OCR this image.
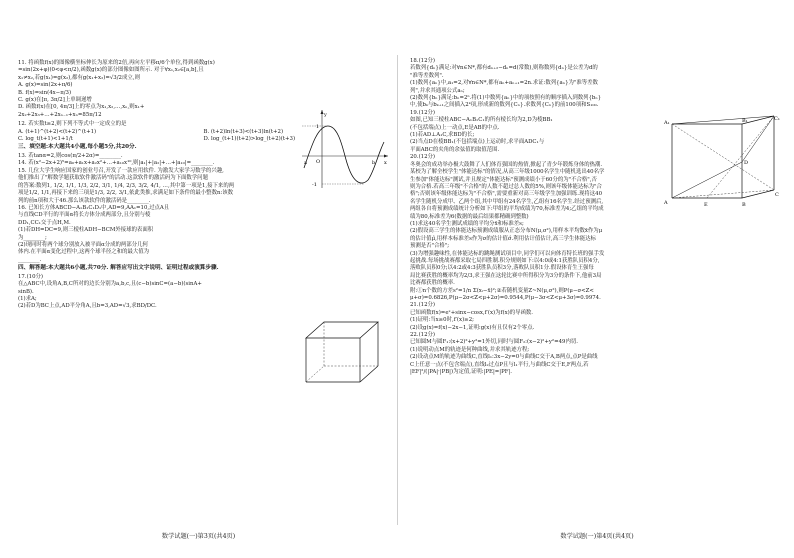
11. 将函数f(x)的图像横坐标伸长为原来的2倍,再向左平移π/6个单位,得到函数g(x)

=sin(2x+φ)(0<φ<π/2),函数g(x)的部分图像如图所示. 对于∀x₁,x₂∈[a,b],且

x₁≠x₂,若g(x₁)=g(x₂),都有g(x₁+x₂)=√3/2成立,则

A. g(x)=sin(2x+π/6)

B. f(x)=sin(4x−π/3)

C. g(x)在[π, 3π/2]上单调递增

D. 函数f(x)在[0, 4π/3]上的零点为x₁,x₂,…,xₙ,则x₁+

2x₂+2x₃+…+2xₙ₋₁+xₙ=85π/12

x
y
O
1
-1
a	b

12. 若实数t≥2,则下列不等式中一定成立的是

A. (t+1)^(t+2)<(t+2)^(t+1)	B. (t+2)ln(t+3)<(t+3)ln(t+2)
C. log_t(t+1)<1+1/t	D. log_(t+1)(t+2)>log_(t+2)(t+3)

三、填空题:本大题共4小题,每小题5分,共20分.

13. 若tanα=2,则cos(π/2+2α)=________.

14. 若(x²−2x+2)⁵=a₀+a₁x+a₂x²+…+a₁₀x¹⁰,则|a₁|+|a₂|+…+|a₁₀|=________.

15. 几位大学生响应国家的创业号召,开发了一款应用软件. 为激发大家学习数学的兴趣,

他们推出了"解数学题获取软件激活码"的活动.这款软件的激活码为下面数学问题

的答案:数列1, 1/2, 1/1, 1/3, 2/2, 3/1, 1/4, 2/3, 3/2, 4/1, …,其中第一项是1,接下来的两

项是1/2, 1/1,再接下来的三项是1/3, 2/2, 3/1,依此类推,求满足如下条件的最小整数n:该数

列的前n项和大于46.那么该款软件的激活码是________.

16. 已知长方体ABCD−A₁B₁C₁D₁中,AD=9,AA₁=10,过点A且

与直线CD平行的平面α将长方体分成两部分,且分别与棱

DD₁,CC₁交于点H,M.

(1)若DH=DC=9,则三棱柱ADH−BCM外接球的表面积

为________;

(2)现同时将两个球分别放入被平面α分成的两部分几何

体内.在平面α变化过程中,这两个球半径之和的最大值为

________.

四、解答题:本大题共6小题,共70分. 解答应写出文字说明、证明过程或演算步骤.

17.(10分)

在△ABC中,设角A,B,C所对的边长分别为a,b,c,且(c−b)sinC=(a−b)(sinA+

sinB).

(1)求A;

(2)若D为BC上点,AD平分角A,且b=3,AD=√3,求BD/DC.

数学试题(一)第3页(共4页)

18.(12分)

若数列{dₙ}满足:对∀n∈N*,都有dₙ₊₂−dₙ=d(常数),则称数列{dₙ}是公差为d的

"准等差数列".

(1)数列{aₙ}中,a₁=2,对∀n∈N*,都有aₙ+aₙ₊₁=2n.求证:数列{aₙ}为"准等差数

列",并求其通项公式aₙ;

(2)数列{bₙ}满足:bₙ=2ⁿ.将(1)中数列{aₙ}中的项按照有的顺序插入到数列{bₙ}

中,使bₖ与bₖ₊₁之间插入2ᵏ项,形成新的数列{Cₙ}.求数列{Cₙ}的前100项和S₁₀₀.

19.(12分)

如图,已知三棱柱ABC−A₁B₁C₁的所有棱长均为2,D为棱BB₁

(不包括端点)上一动点,E是AB的中点.

(1)若AD⊥A₁C,求BD的长;

(2)当点D在棱BB₁(不包括端点)上运动时,求平面ADC₁与

平面ABC的夹角的余弦值的取值范围.

A₁	B₁	C₁
A	B
C
D
E

20.(12分)

冬奥会的成功举办极大鼓舞了人们体育强国的热情,掀起了青少年锻炼身体的热潮.

某校为了解全校学生"体能达标"的情况,从高三年级1000名学生中随机选出40名学

生参加"体能达标"测试,并且规定"体能达标"预测成绩小于60分的为"不合格",否

则为合格.若高三年级"不合格"的人数不超过总人数的5%,则该年级体能达标为"合

格";否则该年级体能达标为"不合格",需要重新对高三年级学生加强训练.现将这40

名学生随机分成甲、乙两个组,其中甲组有24名学生,乙组有16名学生.经过预测后,

两组各自将预测成绩统计分析如下:甲组的平均成绩为70,标准差为4;乙组的平均成

绩为80,标准差为6(数据的最后结果都精确到整数)

(1)求这40名学生测试成绩的平均分x̄和标准差s;

(2)假设高三学生的体能达标预测成绩服从正态分布N(μ,σ²),用样本平均数x̄作为μ

的估计值μ̂,用样本标准差s作为σ的估计值σ̂.利用估计值估计,高三学生体能达标

预测是否"合格";

(3)为增强趣味性,在体能达标的跳绳测试项目中,同学们可以向体育特长班的强手发

起挑战.每场挑战赛都采取七局四胜制.积分规则如下:以4:0或4:1获胜队员积4分,

落败队员积0分;以4:2或4:3获胜队员积3分,落败队员积1分.假设体育生王强每

局比赛获胜的概率均为2/3,求王强在这轮比赛中所得积分为3分的条件下,他前3局

比赛都获胜的概率.

附:①n个数的方差s²=1/n Σ(xᵢ−x̄)²;②若随机变量Z~N(μ,σ²),则P(μ−σ<Z<

μ+σ)=0.6826,P(μ−2σ<Z<μ+2σ)=0.9544,P(μ−3σ<Z<μ+3σ)=0.9974.

21.(12分)

已知函数f(x)=eˣ+sinx−cosx,f′(x)为f(x)的导函数.

(1)证明:当x≥0时,f′(x)≥2;

(2)设g(x)=f(x)−2x−1,证明:g(x)有且仅有2个零点.

22.(12分)

已知圆M与圆F₁:(x+2)²+y²=1外切,同时与圆F₂:(x−2)²+y²=49内切.

(1)说明动点M的轨迹是何种曲线,并求其轨迹方程;

(2)设动点M的轨迹为曲线C,直线l₁:3x−2y=0与曲线C交于A,B两点,点P是曲线

C上任意一点(不包含端点),直线l₂过点P且与l₁平行,与曲线C交于E,F两点,若

|EF|²/(|PA|·|PB|)为定值,证明:|PE|=|PF|.

数学试题(一)第4页(共4页)
